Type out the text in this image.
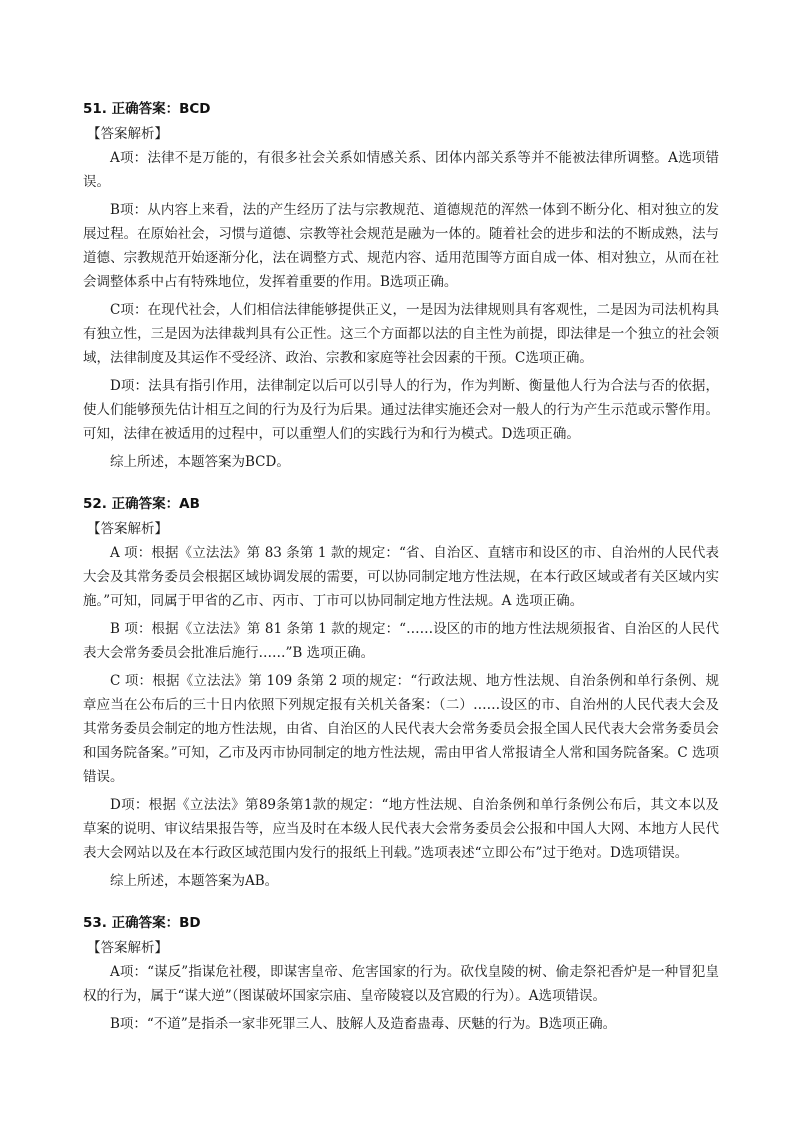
51. 正确答案：BCD

【答案解析】

A项：法律不是万能的，有很多社会关系如情感关系、团体内部关系等并不能被法律所调整。A选项错误。

B项：从内容上来看，法的产生经历了法与宗教规范、道德规范的浑然一体到不断分化、相对独立的发展过程。在原始社会，习惯与道德、宗教等社会规范是融为一体的。随着社会的进步和法的不断成熟，法与道德、宗教规范开始逐渐分化，法在调整方式、规范内容、适用范围等方面自成一体、相对独立，从而在社会调整体系中占有特殊地位，发挥着重要的作用。B选项正确。

C项：在现代社会，人们相信法律能够提供正义，一是因为法律规则具有客观性，二是因为司法机构具有独立性，三是因为法律裁判具有公正性。这三个方面都以法的自主性为前提，即法律是一个独立的社会领域，法律制度及其运作不受经济、政治、宗教和家庭等社会因素的干预。C选项正确。

D项：法具有指引作用，法律制定以后可以引导人的行为，作为判断、衡量他人行为合法与否的依据，使人们能够预先估计相互之间的行为及行为后果。通过法律实施还会对一般人的行为产生示范或示警作用。可知，法律在被适用的过程中，可以重塑人们的实践行为和行为模式。D选项正确。

综上所述，本题答案为BCD。

52. 正确答案：AB

【答案解析】

A 项：根据《立法法》第 83 条第 1 款的规定：“省、自治区、直辖市和设区的市、自治州的人民代表大会及其常务委员会根据区域协调发展的需要，可以协同制定地方性法规，在本行政区域或者有关区域内实施。”可知，同属于甲省的乙市、丙市、丁市可以协同制定地方性法规。A 选项正确。

B 项：根据《立法法》第 81 条第 1 款的规定：“……设区的市的地方性法规须报省、自治区的人民代表大会常务委员会批准后施行……”B 选项正确。

C 项：根据《立法法》第 109 条第 2 项的规定：“行政法规、地方性法规、自治条例和单行条例、规章应当在公布后的三十日内依照下列规定报有关机关备案：（二）……设区的市、自治州的人民代表大会及其常务委员会制定的地方性法规，由省、自治区的人民代表大会常务委员会报全国人民代表大会常务委员会和国务院备案。”可知，乙市及丙市协同制定的地方性法规，需由甲省人常报请全人常和国务院备案。C 选项错误。

D项：根据《立法法》第89条第1款的规定：“地方性法规、自治条例和单行条例公布后，其文本以及草案的说明、审议结果报告等，应当及时在本级人民代表大会常务委员会公报和中国人大网、本地方人民代表大会网站以及在本行政区域范围内发行的报纸上刊载。”选项表述“立即公布”过于绝对。D选项错误。

综上所述，本题答案为AB。

53. 正确答案：BD

【答案解析】

A项：“谋反”指谋危社稷，即谋害皇帝、危害国家的行为。砍伐皇陵的树、偷走祭祀香炉是一种冒犯皇权的行为，属于“谋大逆”（图谋破坏国家宗庙、皇帝陵寝以及宫殿的行为）。A选项错误。

B项：“不道”是指杀一家非死罪三人、肢解人及造畜蛊毒、厌魅的行为。B选项正确。
